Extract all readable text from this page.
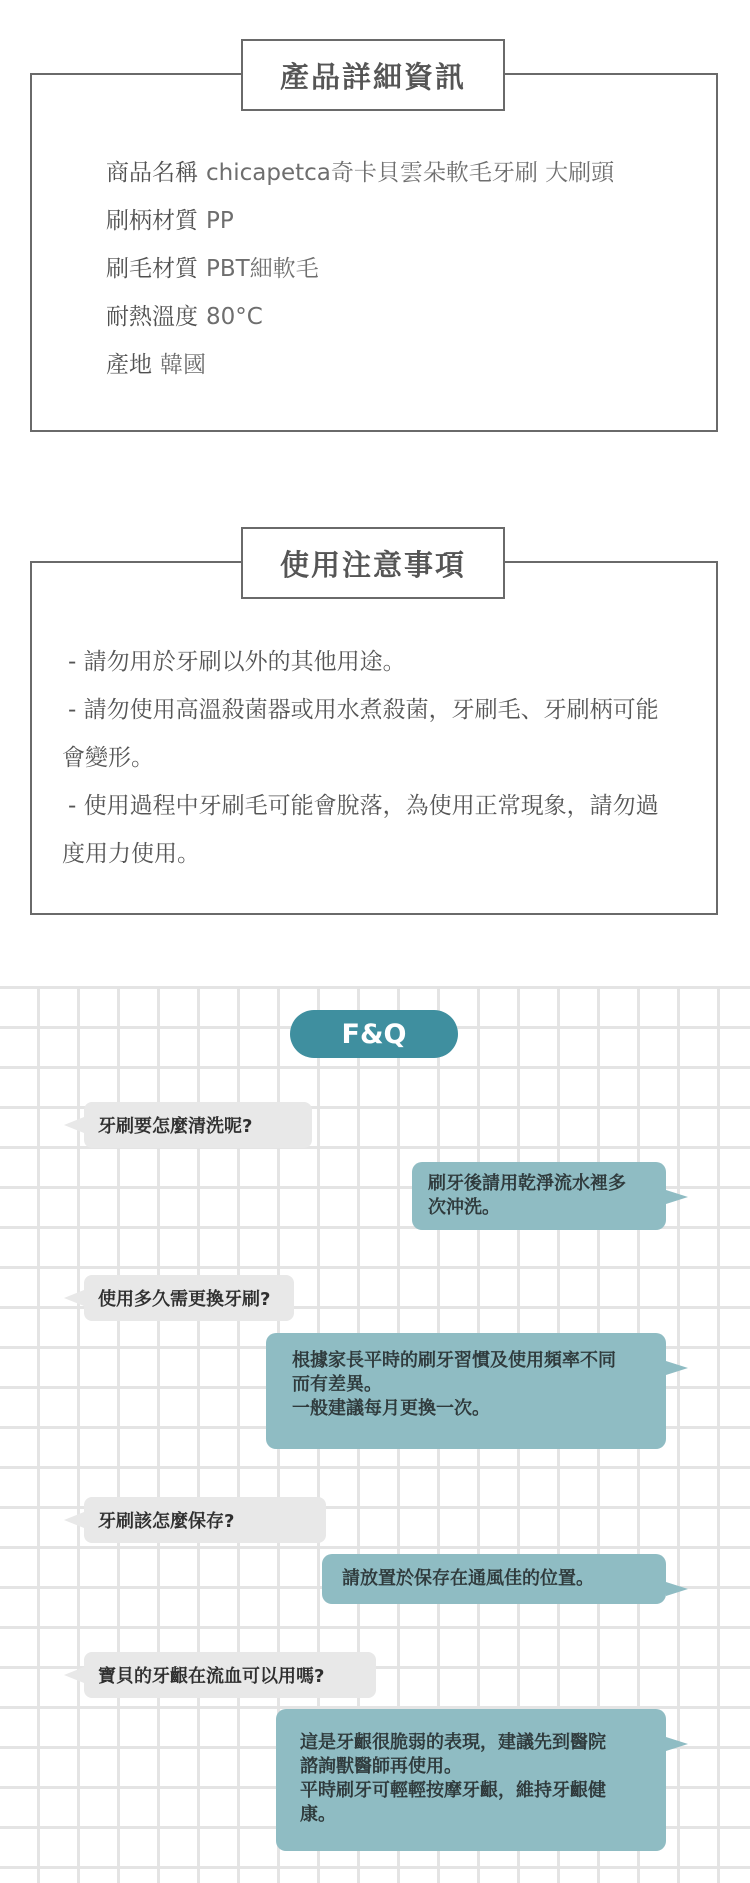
產品詳細資訊
商品名稱 chicapetca奇卡貝雲朵軟毛牙刷 大刷頭
刷柄材質 PP
刷毛材質 PBT細軟毛
耐熱溫度 80°C
產地 韓國
使用注意事項
- 請勿用於牙刷以外的其他用途。
- 請勿使用高溫殺菌器或用水煮殺菌，牙刷毛、牙刷柄可能
會變形。
- 使用過程中牙刷毛可能會脫落，為使用正常現象，請勿過
度用力使用。
F&Q
牙刷要怎麼清洗呢?
刷牙後請用乾淨流水裡多
次沖洗。
使用多久需更換牙刷?
根據家長平時的刷牙習慣及使用頻率不同
而有差異。
一般建議每月更換一次。
牙刷該怎麼保存?
請放置於保存在通風佳的位置。
寶貝的牙齦在流血可以用嗎?
這是牙齦很脆弱的表現，建議先到醫院
諮詢獸醫師再使用。
平時刷牙可輕輕按摩牙齦，維持牙齦健
康。
